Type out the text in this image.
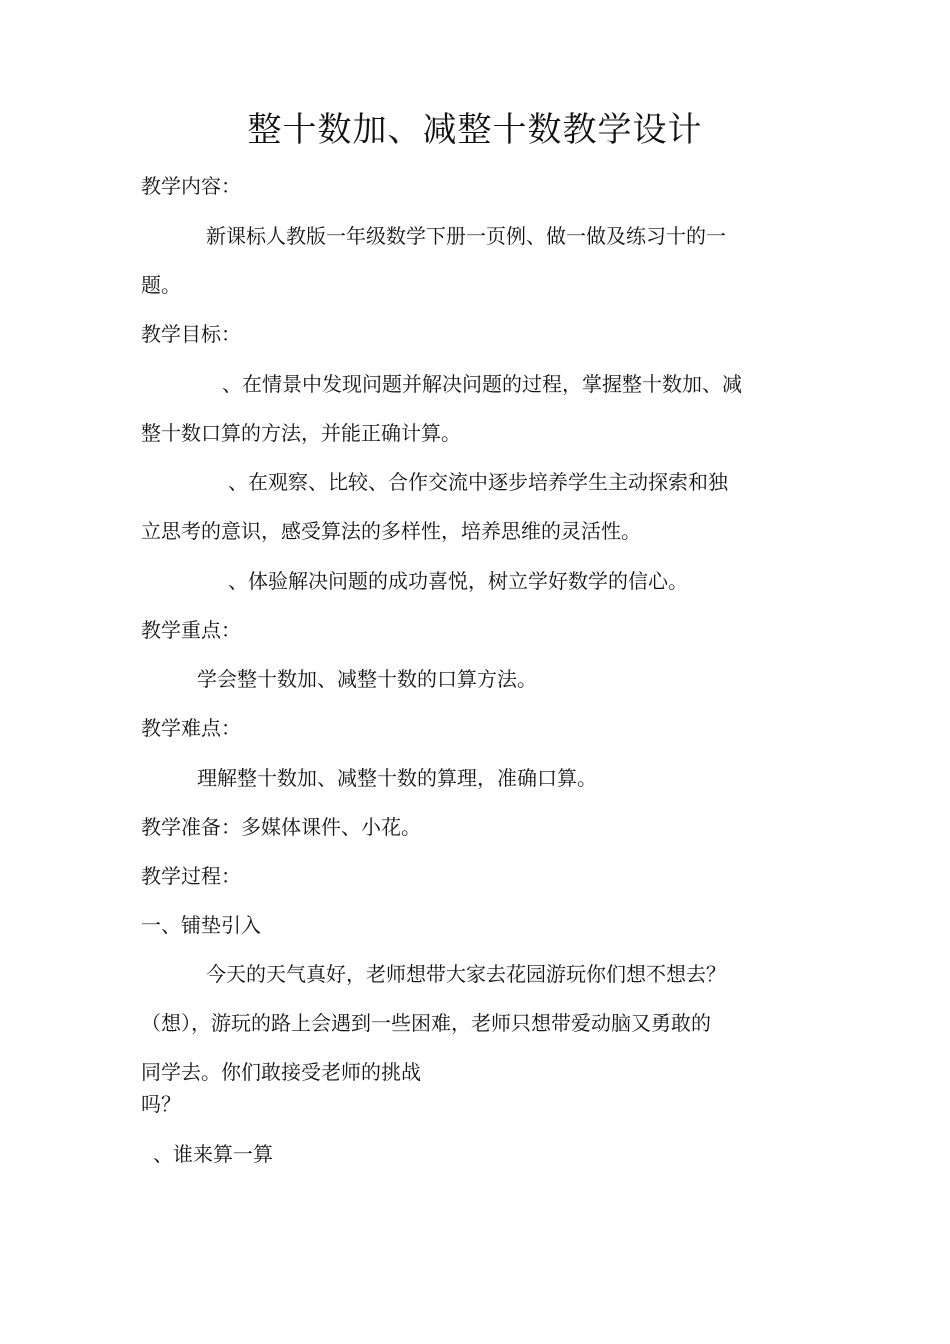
整十数加、减整十数教学设计

教学内容：

新课标人教版一年级数学下册一页例、做一做及练习十的一

题。

教学目标：

、在情景中发现问题并解决问题的过程，掌握整十数加、减

整十数口算的方法，并能正确计算。

、在观察、比较、合作交流中逐步培养学生主动探索和独

立思考的意识，感受算法的多样性，培养思维的灵活性。

、体验解决问题的成功喜悦，树立学好数学的信心。

教学重点：

学会整十数加、减整十数的口算方法。

教学难点：

理解整十数加、减整十数的算理，准确口算。

教学准备：多媒体课件、小花。

教学过程：

一、铺垫引入

今天的天气真好，老师想带大家去花园游玩你们想不想去？

（想），游玩的路上会遇到一些困难，老师只想带爱动脑又勇敢的

同学去。你们敢接受老师的挑战

吗？

、谁来算一算
